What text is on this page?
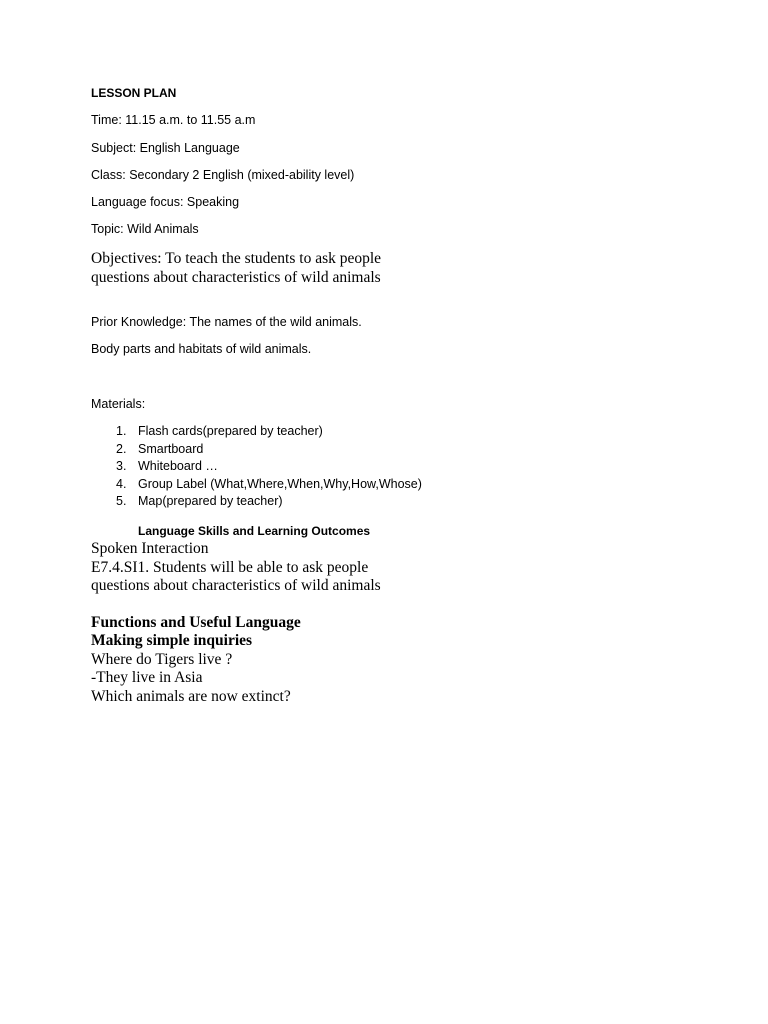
LESSON PLAN

Time: 11.15 a.m. to 11.55 a.m

Subject: English Language

Class: Secondary 2 English (mixed-ability level)

Language focus: Speaking

Topic: Wild Animals

Objectives: To teach the students to ask people

questions about characteristics of wild animals

Prior Knowledge: The names of the wild animals.

Body parts and habitats of wild animals.

Materials:

1. Flash cards(prepared by teacher)
2. Smartboard
3. Whiteboard …
4. Group Label (What,Where,When,Why,How,Whose)
5. Map(prepared by teacher)

Language Skills and Learning Outcomes

Spoken Interaction

E7.4.SI1. Students will be able to ask people

questions about characteristics of wild animals

Functions and Useful Language

Making simple inquiries

Where do Tigers live ?

-They live in Asia

Which animals are now extinct?
